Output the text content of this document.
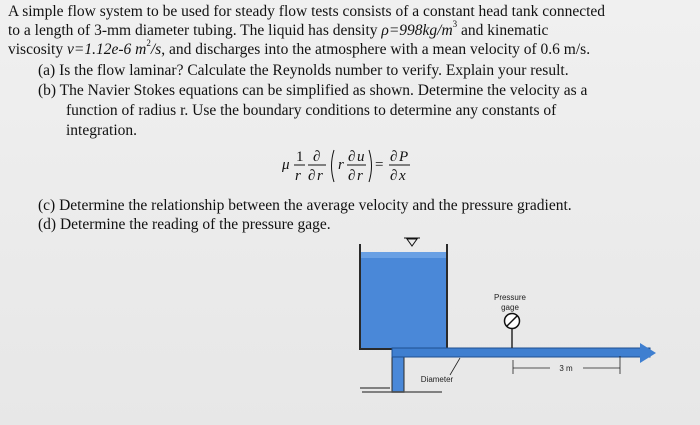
A simple flow system to be used for steady flow tests consists of a constant head tank connected
to a length of 3-mm diameter tubing. The liquid has density $\rho=998kg/m^3$ and kinematic
viscosity ν=1.12e-6 $m^2/s$, and discharges into the atmosphere with a mean velocity of 0.6 m/s.
(a) Is the flow laminar? Calculate the Reynolds number to verify. Explain your result.
(b) The Navier Stokes equations can be simplified as shown. Determine the velocity as a
function of radius r. Use the boundary conditions to determine any constants of
integration.
μ 1
r
∂
∂ r
r ∂ u
∂ r
= ∂ P
∂ x
(c) Determine the relationship between the average velocity and the pressure gradient.
(d) Determine the reading of the pressure gage.
Pressure
gage
3 m
Diameter
